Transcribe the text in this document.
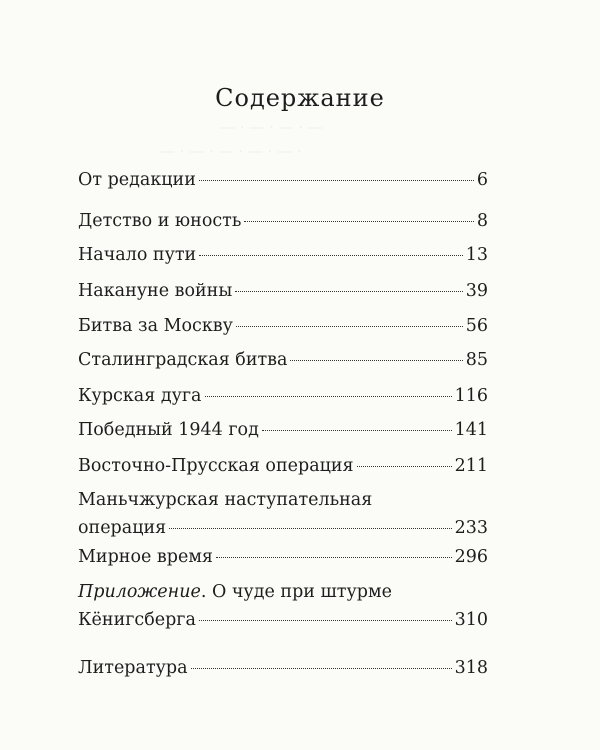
— · — · — · —
— · — · — · — · — ·
Содержание
От редакции	6
Детство и юность	8
Начало пути	13
Накануне войны	39
Битва за Москву	56
Сталинградская битва	85
Курская дуга	116
Победный 1944 год	141
Восточно-Прусская операция	211
Маньчжурская наступательная
операция	233
Мирное время	296
Приложение. О чуде при штурме
Кёнигсберга	310
Литература	318
